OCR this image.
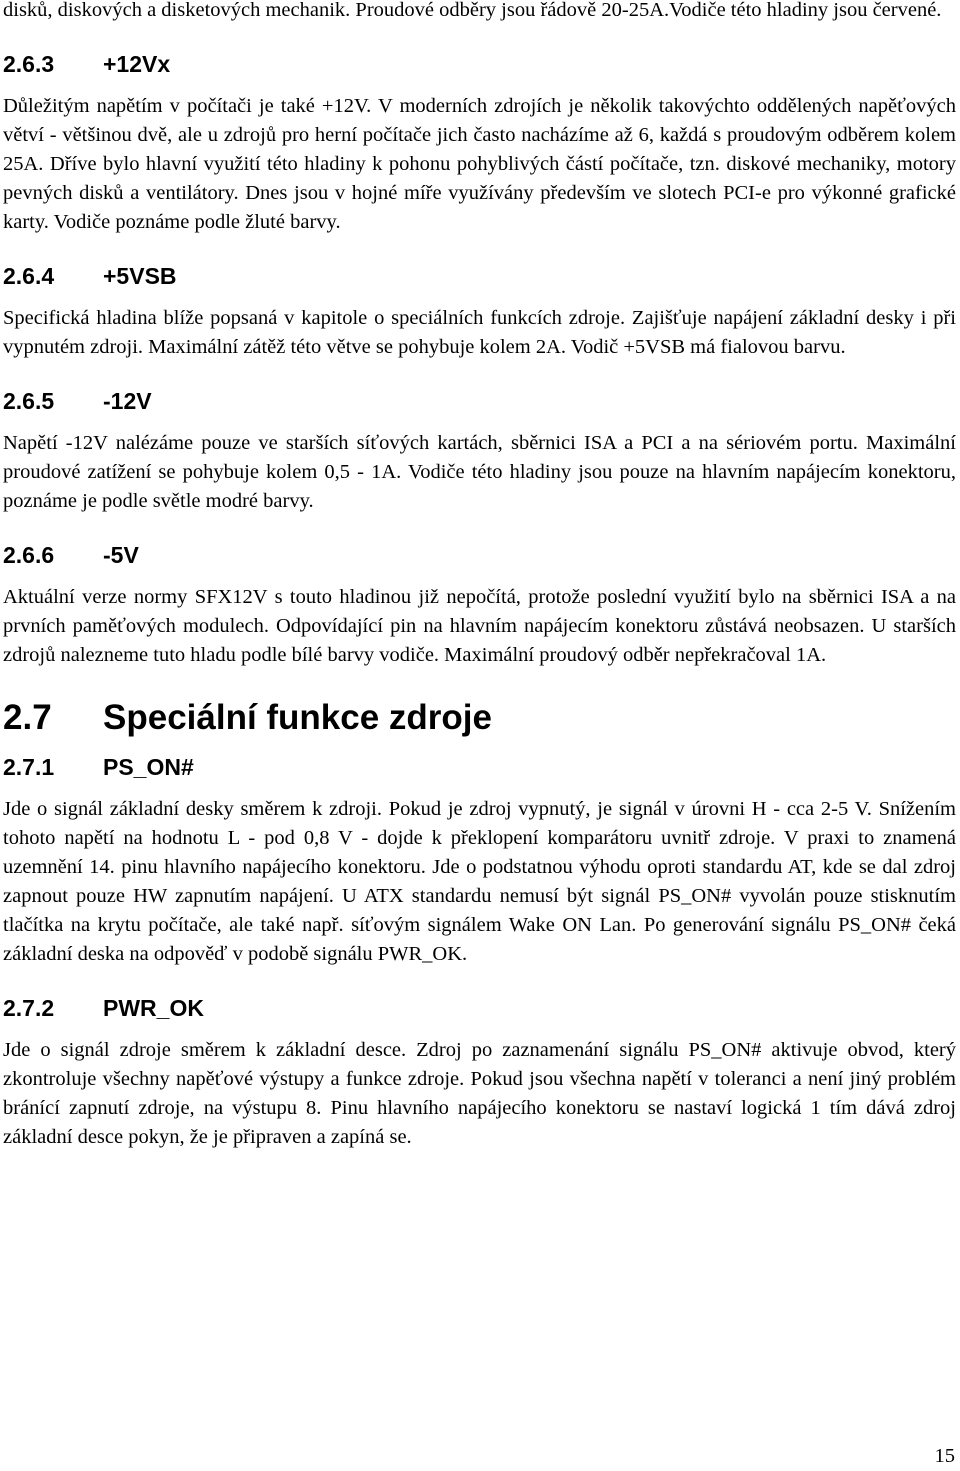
disků, diskových a disketových mechanik. Proudové odběry jsou řádově 20-25A.Vodiče této hladiny jsou červené.

2.6.3 +12Vx

Důležitým napětím v počítači je také +12V. V moderních zdrojích je několik takovýchto oddělených napěťových větví - většinou dvě, ale u zdrojů pro herní počítače jich často nacházíme až 6, každá s proudovým odběrem kolem 25A. Dříve bylo hlavní využití této hladiny k pohonu pohyblivých částí počítače, tzn. diskové mechaniky, motory pevných disků a ventilátory. Dnes jsou v hojné míře využívány především ve slotech PCI-e pro výkonné grafické karty. Vodiče poznáme podle žluté barvy.

2.6.4 +5VSB

Specifická hladina blíže popsaná v kapitole o speciálních funkcích zdroje. Zajišťuje napájení základní desky i při vypnutém zdroji. Maximální zátěž této větve se pohybuje kolem 2A. Vodič +5VSB má fialovou barvu.

2.6.5 -12V

Napětí -12V nalézáme pouze ve starších síťových kartách, sběrnici ISA a PCI a na sériovém portu. Maximální proudové zatížení se pohybuje kolem 0,5 - 1A. Vodiče této hladiny jsou pouze na hlavním napájecím konektoru, poznáme je podle světle modré barvy.

2.6.6 -5V

Aktuální verze normy SFX12V s touto hladinou již nepočítá, protože poslední využití bylo na sběrnici ISA a na prvních paměťových modulech. Odpovídající pin na hlavním napájecím konektoru zůstává neobsazen. U starších zdrojů nalezneme tuto hladu podle bílé barvy vodiče. Maximální proudový odběr nepřekračoval 1A.

2.7 Speciální funkce zdroje
2.7.1 PS_ON#

Jde o signál základní desky směrem k zdroji. Pokud je zdroj vypnutý, je signál v úrovni H - cca 2-5 V. Snížením tohoto napětí na hodnotu L - pod 0,8 V - dojde k překlopení komparátoru uvnitř zdroje. V praxi to znamená uzemnění 14. pinu hlavního napájecího konektoru. Jde o podstatnou výhodu oproti standardu AT, kde se dal zdroj zapnout pouze HW zapnutím napájení. U ATX standardu nemusí být signál PS_ON# vyvolán pouze stisknutím tlačítka na krytu počítače, ale také např. síťovým signálem Wake ON Lan. Po generování signálu PS_ON# čeká základní deska na odpověď v podobě signálu PWR_OK.

2.7.2 PWR_OK

Jde o signál zdroje směrem k základní desce. Zdroj po zaznamenání signálu PS_ON# aktivuje obvod, který zkontroluje všechny napěťové výstupy a funkce zdroje. Pokud jsou všechna napětí v toleranci a není jiný problém bránící zapnutí zdroje, na výstupu 8. Pinu hlavního napájecího konektoru se nastaví logická 1 tím dává zdroj základní desce pokyn, že je připraven a zapíná se.

15
